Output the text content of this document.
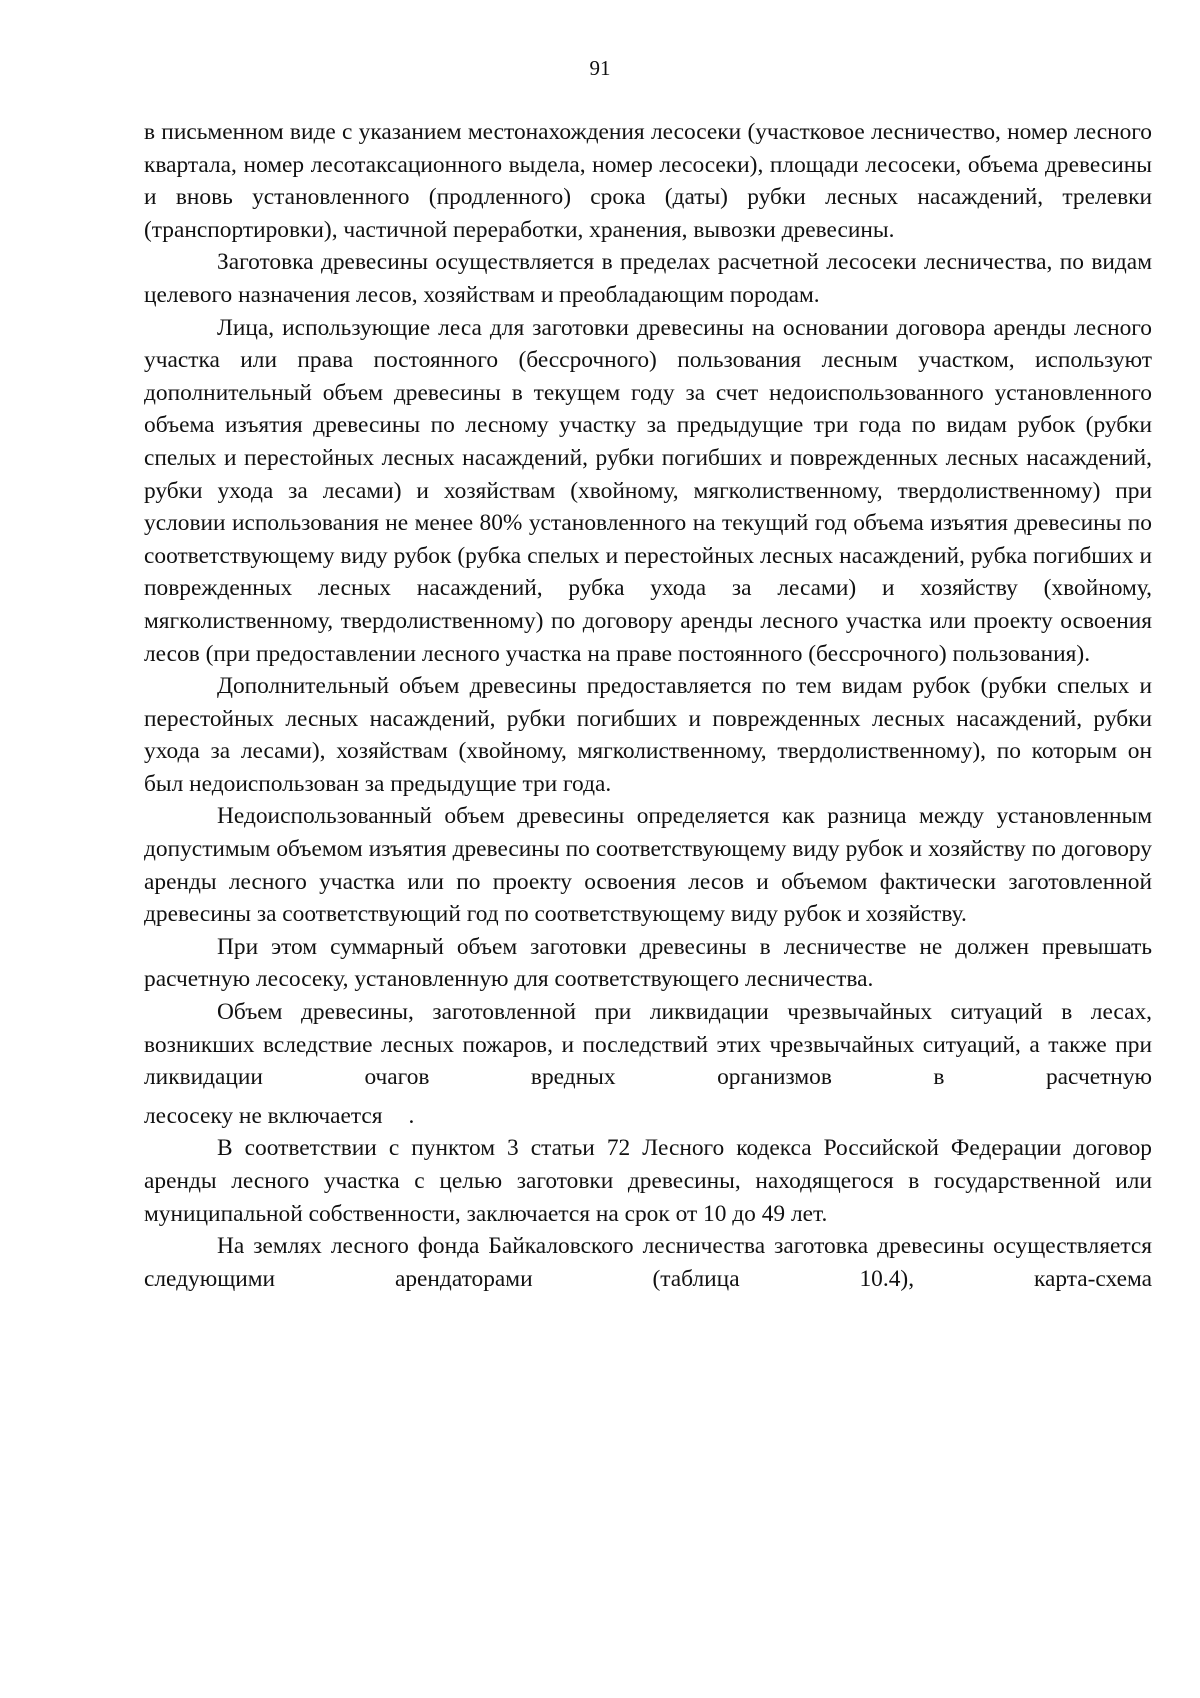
91

в письменном виде с указанием местонахождения лесосеки (участковое лесничество, номер лесного квартала, номер лесотаксационного выдела, номер лесосеки), площади лесосеки, объема древесины и вновь установленного (продленного) срока (даты) рубки лесных насаждений, трелевки (транспортировки), частичной переработки, хранения, вывозки древесины.

Заготовка древесины осуществляется в пределах расчетной лесосеки лесничества, по видам целевого назначения лесов, хозяйствам и преобладающим породам.

Лица, использующие леса для заготовки древесины на основании договора аренды лесного участка или права постоянного (бессрочного) пользования лесным участком, используют дополнительный объем древесины в текущем году за счет недоиспользованного установленного объема изъятия древесины по лесному участку за предыдущие три года по видам рубок (рубки спелых и перестойных лесных насаждений, рубки погибших и поврежденных лесных насаждений, рубки ухода за лесами) и хозяйствам (хвойному, мягколиственному, твердолиственному) при условии использования не менее 80% установленного на текущий год объема изъятия древесины по соответствующему виду рубок (рубка спелых и перестойных лесных насаждений, рубка погибших и поврежденных лесных насаждений, рубка ухода за лесами) и хозяйству (хвойному, мягколиственному, твердолиственному) по договору аренды лесного участка или проекту освоения лесов (при предоставлении лесного участка на праве постоянного (бессрочного) пользования).

Дополнительный объем древесины предоставляется по тем видам рубок (рубки спелых и перестойных лесных насаждений, рубки погибших и поврежденных лесных насаждений, рубки ухода за лесами), хозяйствам (хвойному, мягколиственному, твердолиственному), по которым он был недоиспользован за предыдущие три года.

Недоиспользованный объем древесины определяется как разница между установленным допустимым объемом изъятия древесины по соответствующему виду рубок и хозяйству по договору аренды лесного участка или по проекту освоения лесов и объемом фактически заготовленной древесины за соответствующий год по соответствующему виду рубок и хозяйству.

При этом суммарный объем заготовки древесины в лесничестве не должен превышать расчетную лесосеку, установленную для соответствующего лесничества.

Объем древесины, заготовленной при ликвидации чрезвычайных ситуаций в лесах, возникших вследствие лесных пожаров, и последствий этих чрезвычайных ситуаций, а также при ликвидации очагов вредных организмов в расчетную

лесосеку не включается .

В соответствии с пунктом 3 статьи 72 Лесного кодекса Российской Федерации договор аренды лесного участка с целью заготовки древесины, находящегося в государственной или муниципальной собственности, заключается на срок от 10 до 49 лет.

На землях лесного фонда Байкаловского лесничества заготовка древесины осуществляется следующими арендаторами (таблица 10.4), карта-схема
